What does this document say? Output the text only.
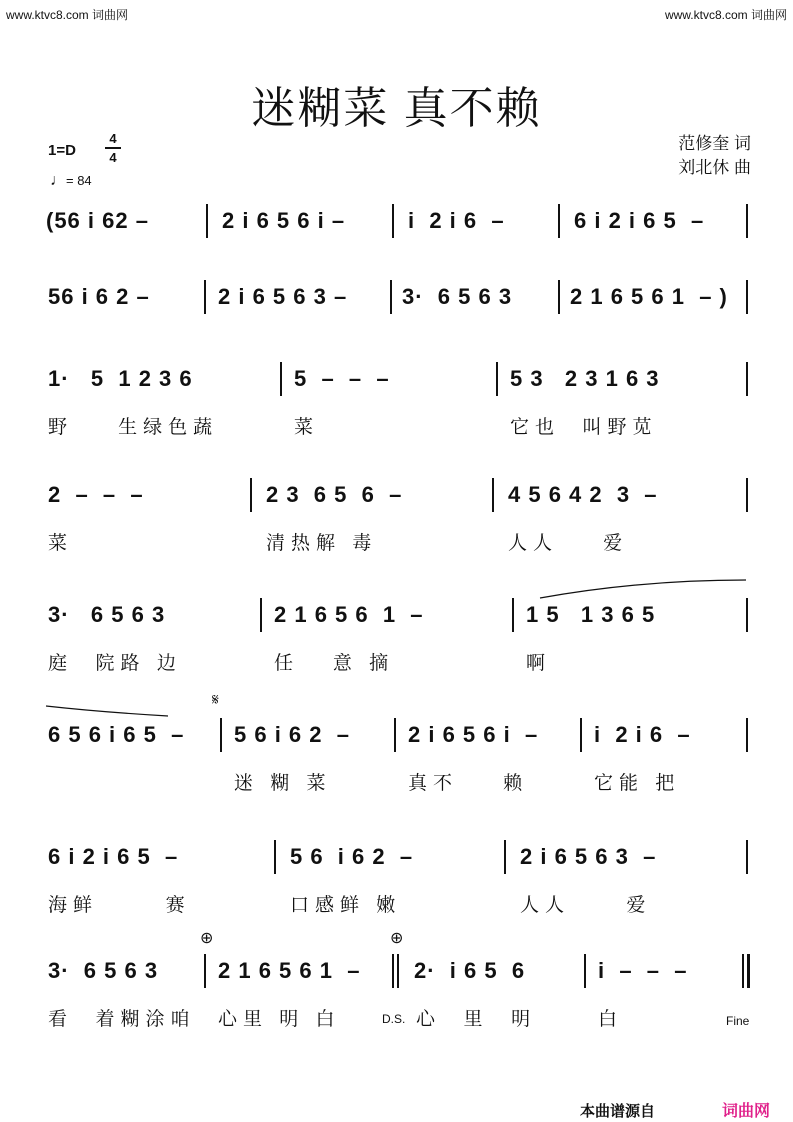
www.ktvc8.com 词曲网	www.ktvc8.com 词曲网
迷糊菜 真不赖
1=D
4
4
♩= 84
范修奎 词
刘北休 曲
(56 i 62 –	2 i 6 5 6 i –	i  2 i 6  –	6 i 2 i 6 5  –
56 i 6 2 –	2 i 6 5 6 3 – 3·  6 5 6 3	2 1 6 5 6 1  – )
1·   5  1 2 3 6	5  –  –  –	5 3   2 3 1 6 3
野    生绿色蔬	菜	它也  叫野苋
2  –  –  –	2 3  6 5  6  –	4 5 6 4 2  3  –
菜	清热解 毒	人人    爱
3·   6 5 6 3	2 1 6 5 6  1  –	1 5   1 3 6 5
庭  院路 边	任   意 摘	啊
6 5 6 i 6 5  –
𝄋
5 6 i 6 2  –	2 i 6 5 6 i  –	i  2 i 6  –
迷 糊 菜	真不    赖	它能 把
6 i 2 i 6 5  –	5 6  i 6 2  –	2 i 6 5 6 3  –
海鲜      赛	口感鲜 嫩	人人     爱
3·  6 5 6 3
⊕
2 1 6 5 6 1  –
⊕
2·  i 6 5  6	i  –  –  –
看  着糊涂咱 心里 明 白	D.S. 心  里  明	白	Fine
本曲谱源自	词曲网
